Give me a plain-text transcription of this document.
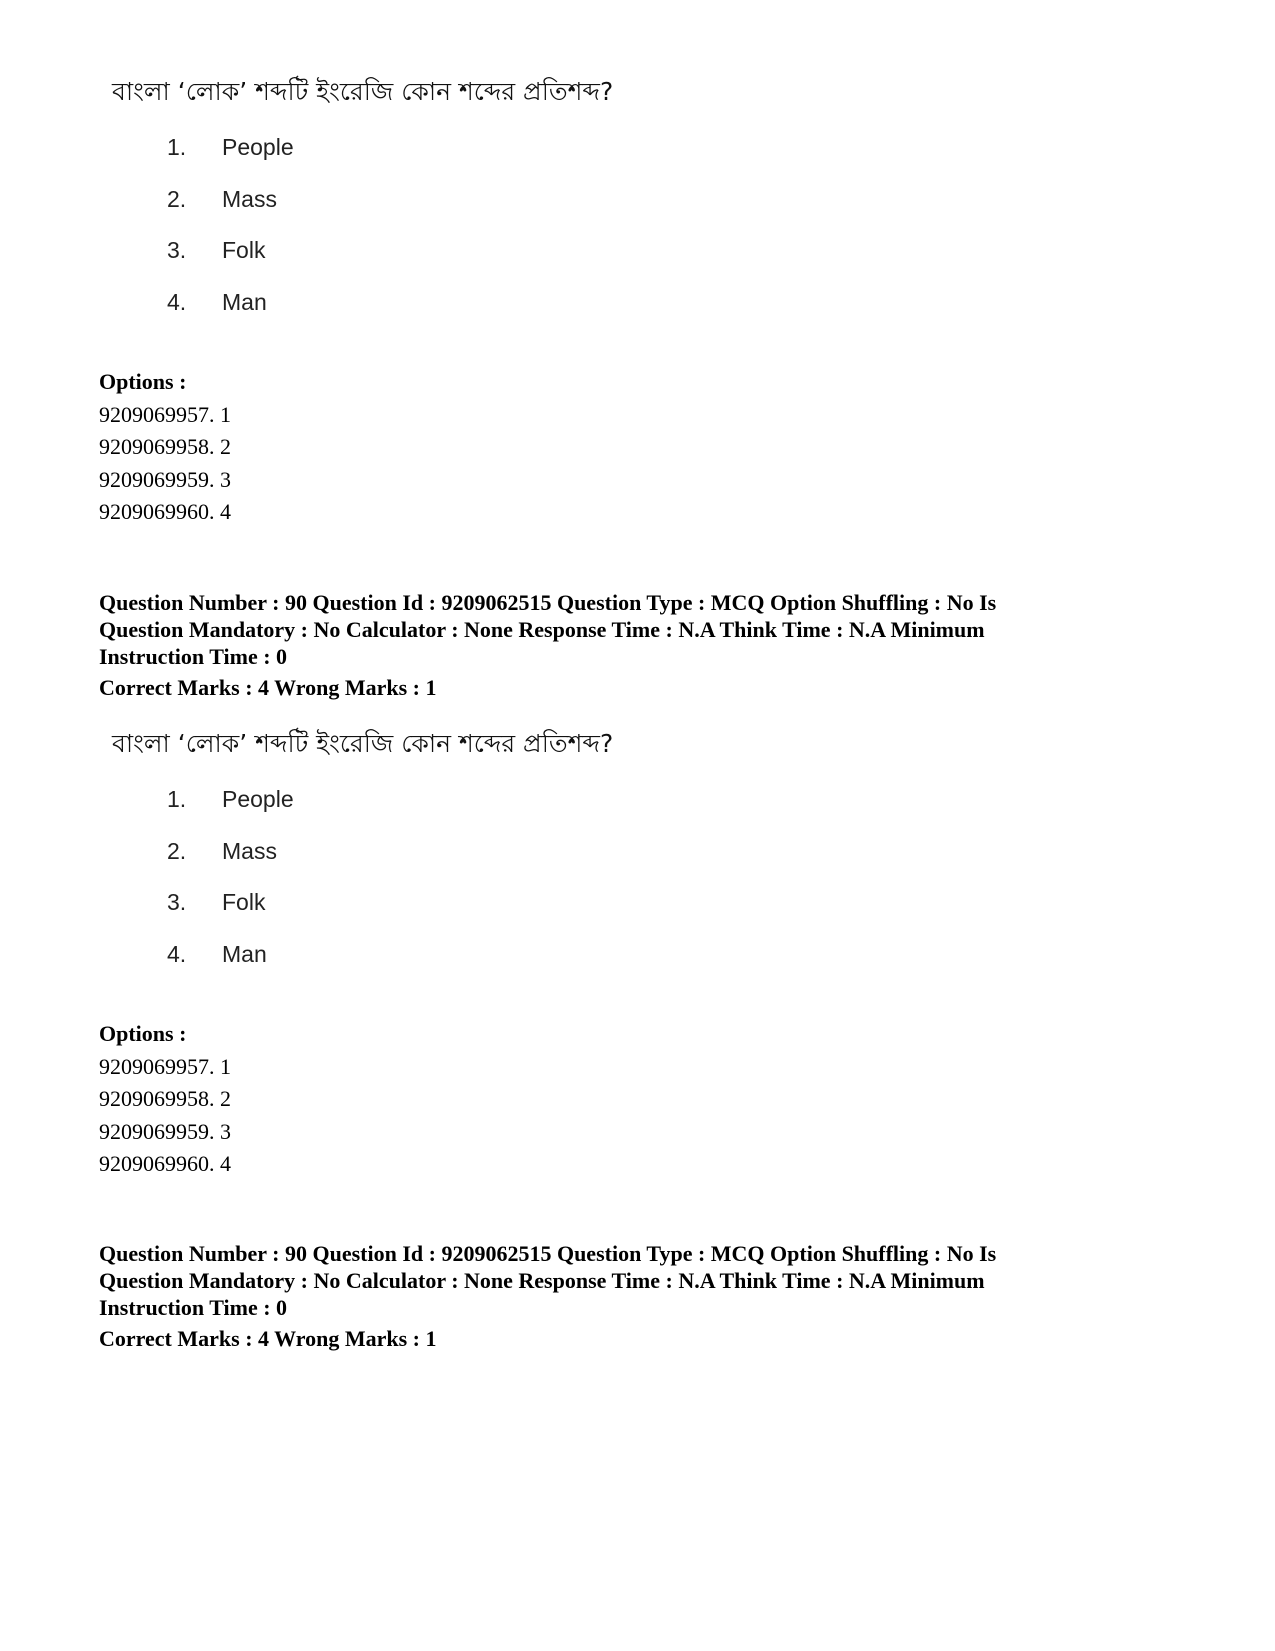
বাংলা ‘লোক’ শব্দটি ইংরেজি কোন শব্দের প্রতিশব্দ?
1. People
2. Mass
3. Folk
4. Man
Options :
9209069957. 1
9209069958. 2
9209069959. 3
9209069960. 4
Question Number : 90 Question Id : 9209062515 Question Type : MCQ Option Shuffling : No Is
Question Mandatory : No Calculator : None Response Time : N.A Think Time : N.A Minimum
Instruction Time : 0
Correct Marks : 4 Wrong Marks : 1
বাংলা ‘লোক’ শব্দটি ইংরেজি কোন শব্দের প্রতিশব্দ?
1. People
2. Mass
3. Folk
4. Man
Options :
9209069957. 1
9209069958. 2
9209069959. 3
9209069960. 4
Question Number : 90 Question Id : 9209062515 Question Type : MCQ Option Shuffling : No Is
Question Mandatory : No Calculator : None Response Time : N.A Think Time : N.A Minimum
Instruction Time : 0
Correct Marks : 4 Wrong Marks : 1
